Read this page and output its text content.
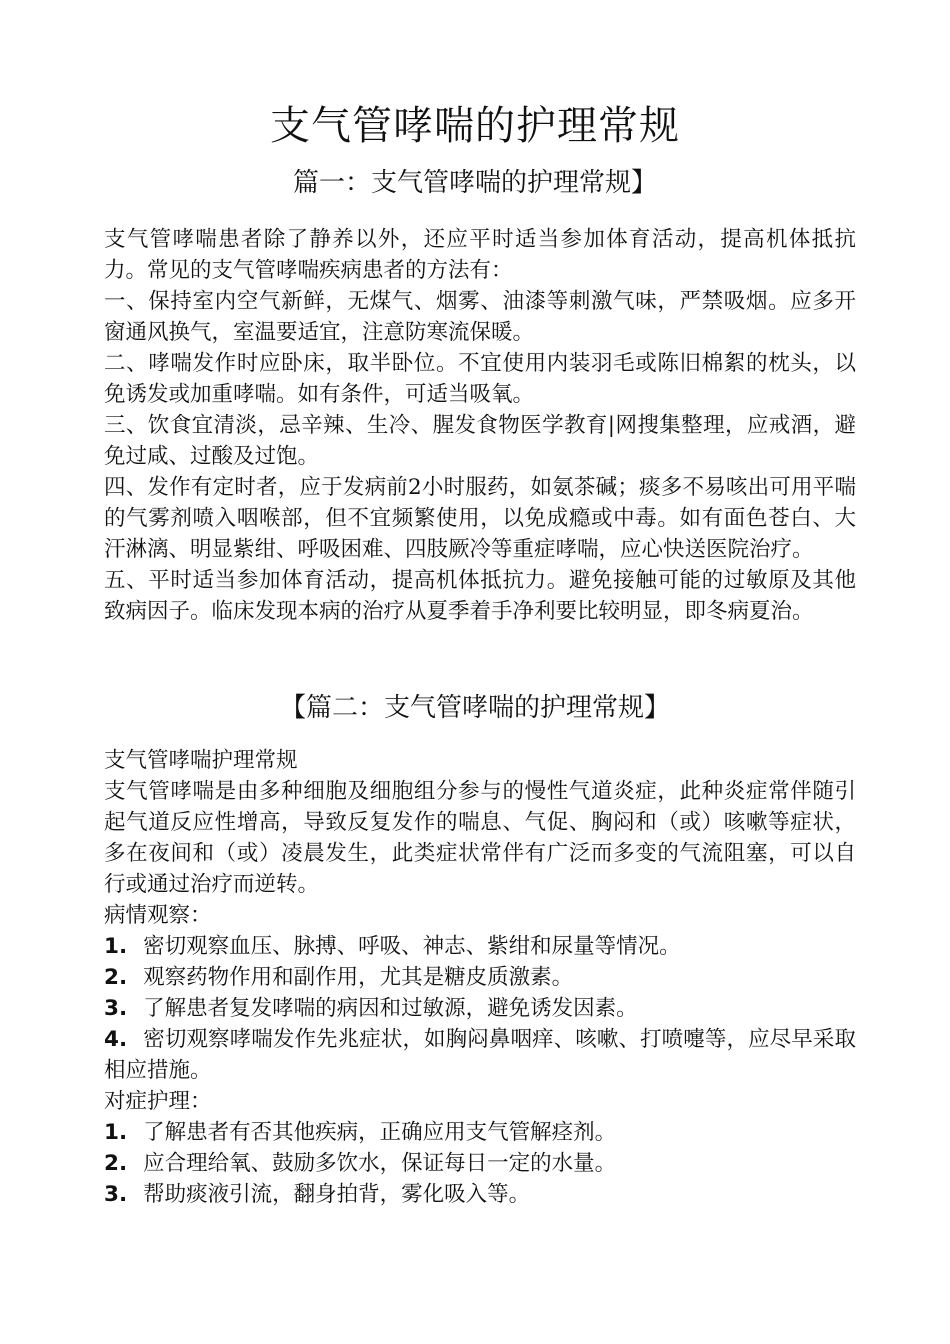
支气管哮喘的护理常规
篇一：支气管哮喘的护理常规】

支气管哮喘患者除了静养以外，还应平时适当参加体育活动，提高机体抵抗力。常见的支气管哮喘疾病患者的方法有：

一、保持室内空气新鲜，无煤气、烟雾、油漆等刺激气味，严禁吸烟。应多开窗通风换气，室温要适宜，注意防寒流保暖。

二、哮喘发作时应卧床，取半卧位。不宜使用内装羽毛或陈旧棉絮的枕头，以免诱发或加重哮喘。如有条件，可适当吸氧。

三、饮食宜清淡，忌辛辣、生冷、腥发食物医学教育|网搜集整理，应戒酒，避免过咸、过酸及过饱。

四、发作有定时者，应于发病前2小时服药，如氨茶碱；痰多不易咳出可用平喘的气雾剂喷入咽喉部，但不宜频繁使用，以免成瘾或中毒。如有面色苍白、大汗淋漓、明显紫绀、呼吸困难、四肢厥冷等重症哮喘，应心快送医院治疗。

五、平时适当参加体育活动，提高机体抵抗力。避免接触可能的过敏原及其他致病因子。临床发现本病的治疗从夏季着手净利要比较明显，即冬病夏治。

【篇二：支气管哮喘的护理常规】

支气管哮喘护理常规

支气管哮喘是由多种细胞及细胞组分参与的慢性气道炎症，此种炎症常伴随引起气道反应性增高，导致反复发作的喘息、气促、胸闷和（或）咳嗽等症状，多在夜间和（或）凌晨发生，此类症状常伴有广泛而多变的气流阻塞，可以自行或通过治疗而逆转。

病情观察：

1. 密切观察血压、脉搏、呼吸、神志、紫绀和尿量等情况。

2. 观察药物作用和副作用，尤其是糖皮质激素。

3. 了解患者复发哮喘的病因和过敏源，避免诱发因素。

4. 密切观察哮喘发作先兆症状，如胸闷鼻咽痒、咳嗽、打喷嚏等，应尽早采取相应措施。

对症护理：

1. 了解患者有否其他疾病，正确应用支气管解痉剂。

2. 应合理给氧、鼓励多饮水，保证每日一定的水量。

3. 帮助痰液引流，翻身拍背，雾化吸入等。
